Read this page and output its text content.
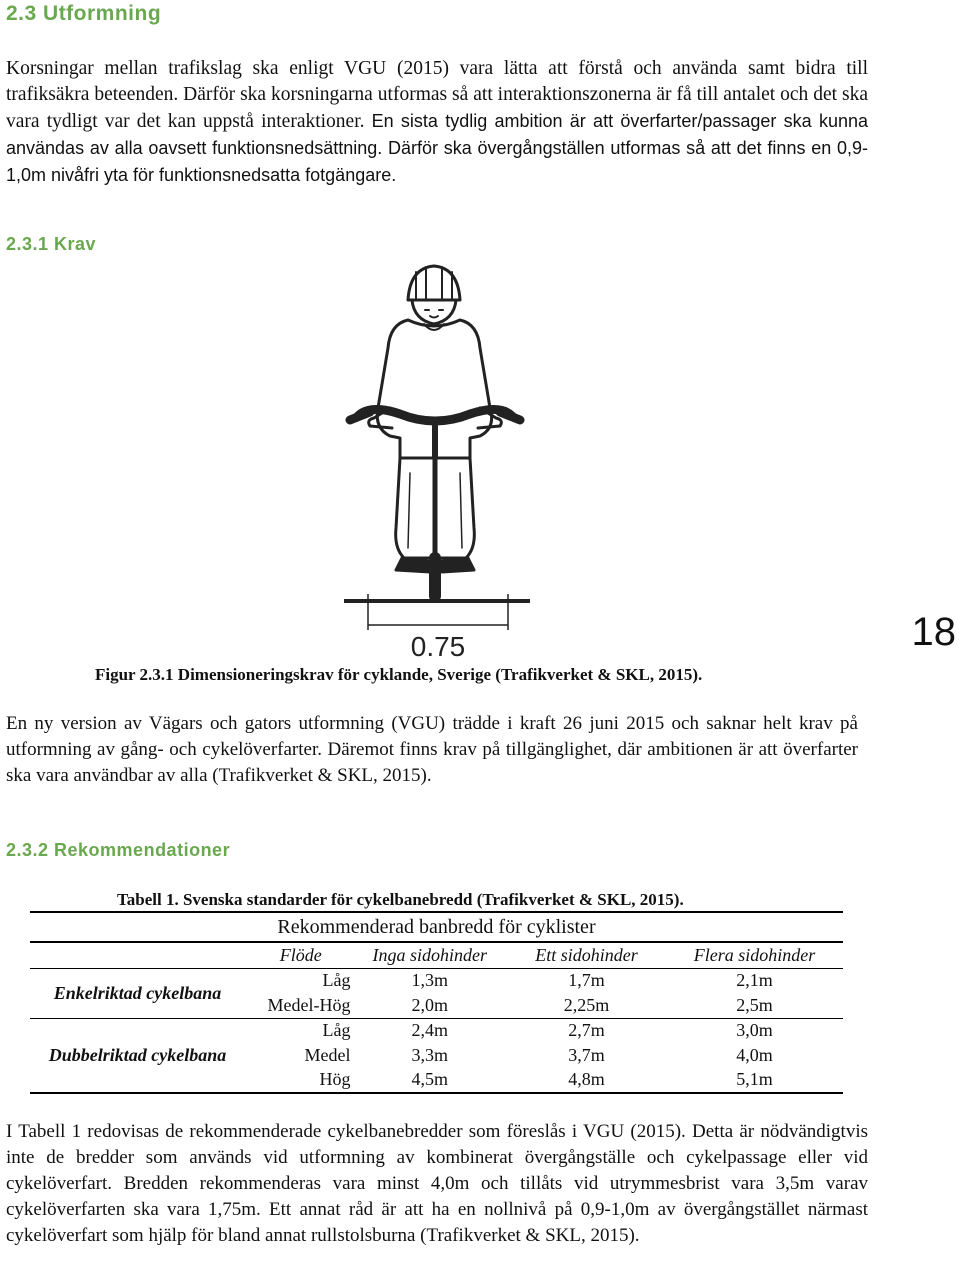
2.3 Utformning
Korsningar mellan trafikslag ska enligt VGU (2015) vara lätta att förstå och använda samt bidra till trafiksäkra beteenden. Därför ska korsningarna utformas så att interaktionszonerna är få till antalet och det ska vara tydligt var det kan uppstå interaktioner. En sista tydlig ambition är att överfarter/passager ska kunna användas av alla oavsett funktionsnedsättning. Därför ska övergångställen utformas så att det finns en 0,9-1,0m nivåfri yta för funktionsnedsatta fotgängare.
2.3.1 Krav
0.75
Figur 2.3.1 Dimensioneringskrav för cyklande, Sverige (Trafikverket & SKL, 2015).
18
En ny version av Vägars och gators utformning (VGU) trädde i kraft 26 juni 2015 och saknar helt krav på utformning av gång- och cykelöverfarter. Däremot finns krav på tillgänglighet, där ambitionen är att överfarter ska vara användbar av alla (Trafikverket & SKL, 2015).
2.3.2 Rekommendationer
Tabell 1. Svenska standarder för cykelbanebredd (Trafikverket & SKL, 2015).
Rekommenderad banbredd för cyklister				
	Flöde	Inga sidohinder	Ett sidohinder	Flera sidohinder
Enkelriktad cykelbana	Låg	1,3m	1,7m	2,1m
	Medel-Hög	2,0m	2,25m	2,5m
Dubbelriktad cykelbana	Låg	2,4m	2,7m	3,0m
	Medel	3,3m	3,7m	4,0m
	Hög	4,5m	4,8m	5,1m
I Tabell 1 redovisas de rekommenderade cykelbanebredder som föreslås i VGU (2015). Detta är nödvändigtvis inte de bredder som används vid utformning av kombinerat övergångställe och cykelpassage eller vid cykelöverfart. Bredden rekommenderas vara minst 4,0m och tillåts vid utrymmesbrist vara 3,5m varav cykelöverfarten ska vara 1,75m. Ett annat råd är att ha en nollnivå på 0,9-1,0m av övergångstället närmast cykelöverfart som hjälp för bland annat rullstolsburna (Trafikverket & SKL, 2015).
